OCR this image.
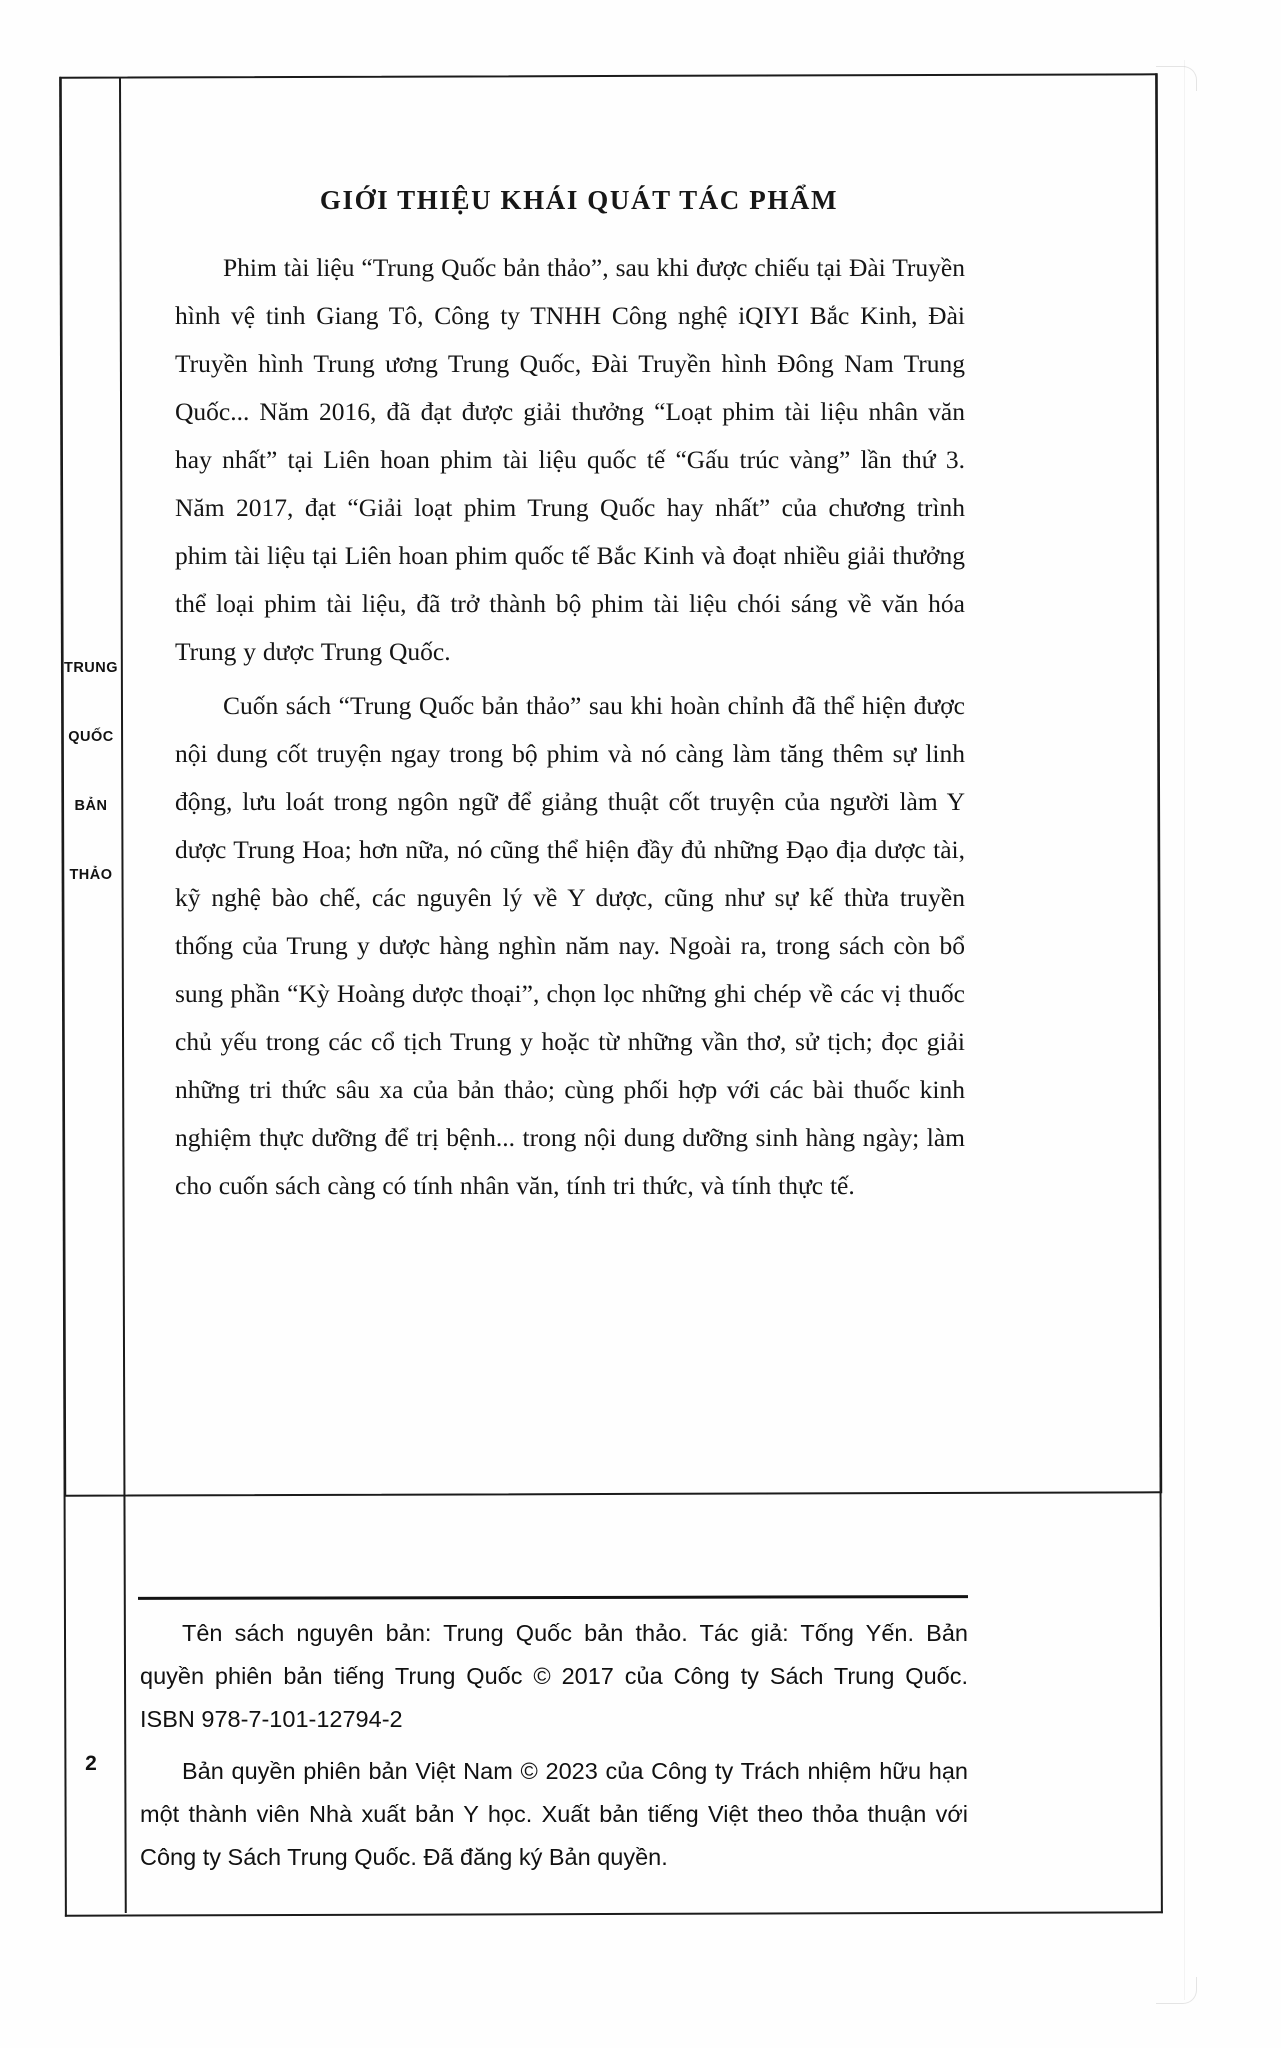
TRUNG
QUỐC
BẢN
THẢO
2
GIỚI THIỆU KHÁI QUÁT TÁC PHẨM

Phim tài liệu “Trung Quốc bản thảo”, sau khi được chiếu tại Đài Truyền hình vệ tinh Giang Tô, Công ty TNHH Công nghệ iQIYI Bắc Kinh, Đài Truyền hình Trung ương Trung Quốc, Đài Truyền hình Đông Nam Trung Quốc... Năm 2016, đã đạt được giải thưởng “Loạt phim tài liệu nhân văn hay nhất” tại Liên hoan phim tài liệu quốc tế “Gấu trúc vàng” lần thứ 3. Năm 2017, đạt “Giải loạt phim Trung Quốc hay nhất” của chương trình phim tài liệu tại Liên hoan phim quốc tế Bắc Kinh và đoạt nhiều giải thưởng thể loại phim tài liệu, đã trở thành bộ phim tài liệu chói sáng về văn hóa Trung y dược Trung Quốc.

Cuốn sách “Trung Quốc bản thảo” sau khi hoàn chỉnh đã thể hiện được nội dung cốt truyện ngay trong bộ phim và nó càng làm tăng thêm sự linh động, lưu loát trong ngôn ngữ để giảng thuật cốt truyện của người làm Y dược Trung Hoa; hơn nữa, nó cũng thể hiện đầy đủ những Đạo địa dược tài, kỹ nghệ bào chế, các nguyên lý về Y dược, cũng như sự kế thừa truyền thống của Trung y dược hàng nghìn năm nay. Ngoài ra, trong sách còn bổ sung phần “Kỳ Hoàng dược thoại”, chọn lọc những ghi chép về các vị thuốc chủ yếu trong các cổ tịch Trung y hoặc từ những vần thơ, sử tịch; đọc giải những tri thức sâu xa của bản thảo; cùng phối hợp với các bài thuốc kinh nghiệm thực dưỡng để trị bệnh... trong nội dung dưỡng sinh hàng ngày; làm cho cuốn sách càng có tính nhân văn, tính tri thức, và tính thực tế.

Tên sách nguyên bản: Trung Quốc bản thảo. Tác giả: Tống Yến. Bản quyền phiên bản tiếng Trung Quốc © 2017 của Công ty Sách Trung Quốc. ISBN 978-7-101-12794-2

Bản quyền phiên bản Việt Nam © 2023 của Công ty Trách nhiệm hữu hạn một thành viên Nhà xuất bản Y học. Xuất bản tiếng Việt theo thỏa thuận với Công ty Sách Trung Quốc. Đã đăng ký Bản quyền.
